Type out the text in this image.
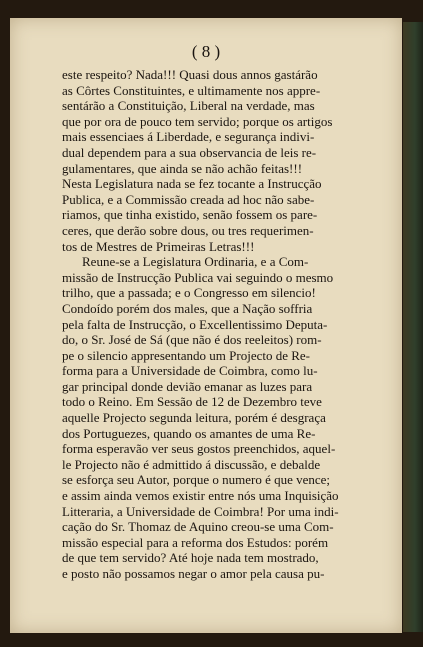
( 8 )
este respeito? Nada!!! Quasi dous annos gastárão
as Côrtes Constituintes, e ultimamente nos appre-
sentárão a Constituição, Liberal na verdade, mas
que por ora de pouco tem servido; porque os artigos
mais essenciaes á Liberdade, e segurança indivi-
dual dependem para a sua observancia de leis re-
gulamentares, que ainda se não achão feitas!!!
Nesta Legislatura nada se fez tocante a Instrucção
Publica, e a Commissão creada ad hoc não sabe-
riamos, que tinha existido, senão fossem os pare-
ceres, que derão sobre dous, ou tres requerimen-
tos de Mestres de Primeiras Letras!!!
Reune-se a Legislatura Ordinaria, e a Com-
missão de Instrucção Publica vai seguindo o mesmo
trilho, que a passada; e o Congresso em silencio!
Condoído porém dos males, que a Nação soffria
pela falta de Instrucção, o Excellentissimo Deputa-
do, o Sr. José de Sá (que não é dos reeleitos) rom-
pe o silencio appresentando um Projecto de Re-
forma para a Universidade de Coimbra, como lu-
gar principal donde devião emanar as luzes para
todo o Reino. Em Sessão de 12 de Dezembro teve
aquelle Projecto segunda leitura, porém é desgraça
dos Portuguezes, quando os amantes de uma Re-
forma esperavão ver seus gostos preenchidos, aquel-
le Projecto não é admittido á discussão, e debalde
se esforça seu Autor, porque o numero é que vence;
e assim ainda vemos existir entre nós uma Inquisição
Litteraria, a Universidade de Coimbra! Por uma indi-
cação do Sr. Thomaz de Aquino creou-se uma Com-
missão especial para a reforma dos Estudos: porém
de que tem servido? Até hoje nada tem mostrado,
e posto não possamos negar o amor pela causa pu-
